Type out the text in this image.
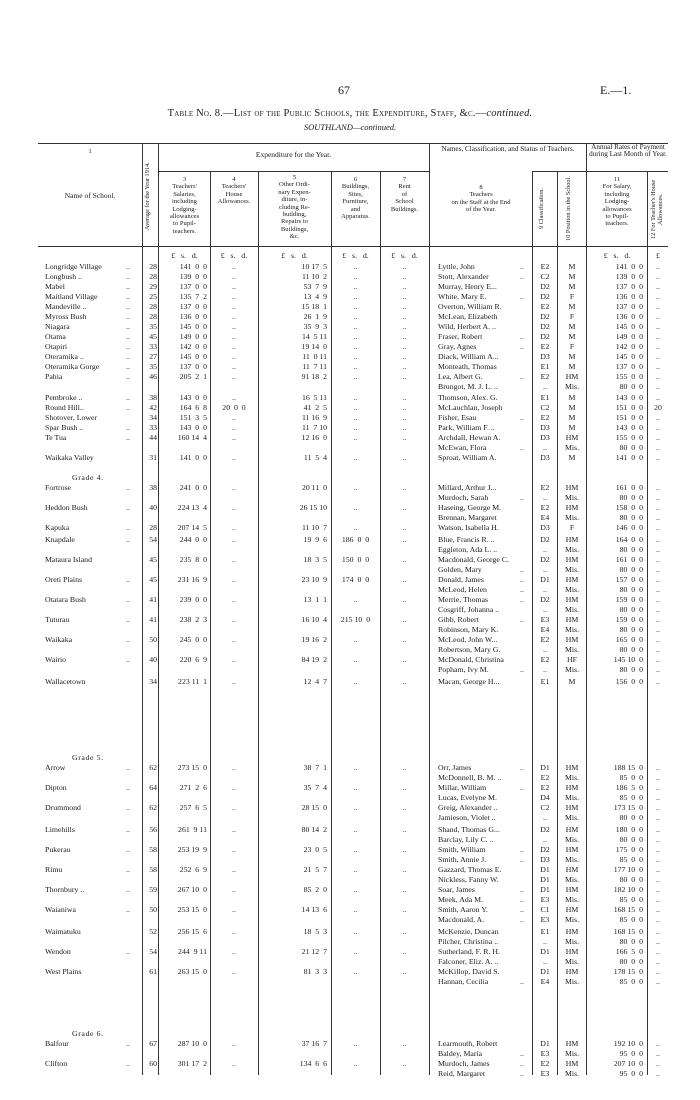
67	E.—1.
Table No. 8.—List of the Public Schools, the Expenditure, Staff, &c.—continued.
SOUTHLAND—continued.
1
Name of School.	Average for the Year 1914.
Expenditure for the Year.
3
Teachers'
Salaries,
including
Lodging-
allowances
to Pupil-
teachers.
4
Teachers'
House
Allowances.
5
Other Ordi-
nary Expen-
diture, in-
cluding Re-
building,
Repairs to
Buildings,
&c.
6
Buildings,
Sites,
Furniture,
and
Apparatus.
7
Rent
of
School
Buildings.
Names, Classification, and Status of Teachers.
8
Teachers
on the Staff at the End
of the Year.	9 Classification.	10 Position in the School.
Annual Rates of Payment during Last Month of Year.
11
For Salary,
including
Lodging-
allowances
to Pupil-
teachers.	12 For Teacher's House Allowances.
£   s.   d.	£   s.   d.	£   s.   d.	£   s.   d.	£   s.   d.	£   s.   d.	£
Grade 4.
Grade 5.
Grade 6.
Longridge Village	..	28	141  0  0	..	10 17  5	..	..	Lyttle, John	..	E2	M	141  0  0	..
Longbush ..	..	28	139  0  0	..	11 10  2	..	..	Stott, Alexander	..	C2	M	139  0  0	..
Mabel	..	29	137  0  0	..	53  7  9	..	..	Murray, Henry E...	D2	M	137  0  0	..
Maitland Village	..	25	135  7  2	..	13  4  9	..	..	White, Mary E.	..	D2	F	136  0  0	..
Mandeville ..	..	28	137  0  0	..	15 18  1	..	..	Overton, William R.	E2	M	137  0  0	..
Myross Bush	..	28	136  0  0	..	26  1  9	..	..	McLean, Elizabeth	D2	F	136  0  0	..
Niagara	..	35	145  0  0	..	35  9  3	..	..	Wild, Herbert A. ..	D2	M	145  0  0	..
Otama	..	45	149  0  0	..	14  5 11	..	..	Fraser, Robert	..	D2	M	149  0  0	..
Otapiri	..	33	142  0  0	..	19 14  0	..	..	Gray, Agnes	..	E2	F	142  0  0	..
Oteramika ..	..	27	145  0  0	..	11  0 11	..	..	Diack, William A...	D3	M	145  0  0	..
Oteramika Gorge	..	35	137  0  0	..	11  7 11	..	..	Monteath, Thomas	E1	M	137  0  0	..
Pahia	..	46	205  2  1	..	91 18  2	..	..	Lea, Albert G.	..	E2	HM	155  0  0	..
Brungot, M. J. L. ..	..	Mis.	80  0  0	..
Pembroke ..	..	38	143  0  0	..	16  5 11	..	..	Thomson, Alex. G.	E1	M	143  0  0	..
Round Hill..	..	42	164  6  8	20  0  0	41  2  5	..	..	McLauchlan, Joseph	C2	M	151  0  0	20
Shotover, Lower	34	151  3  5	..	11 16  9	..	..	Fisher, Esau	..	E2	M	151  0  0	..
Spar Bush ..	..	33	143  0  0	..	11  7 10	..	..	Park, William F. ..	D3	M	143  0  0	..
Te Tua	..	44	160 14  4	..	12 16  0	..	..	Archdall, Hewan A.	D3	HM	155  0  0	..
McEwan, Flora	..	..	Mis.	80  0  0	..
Waikaka Valley	31	141  0  0	..	11  5  4	..	..	Sproat, William A.	D3	M	141  0  0	..
Fortrose	..	38	241  0  0	..	20 11  0	..	..	Millard, Arthur J...	E2	HM	161  0  0	..
Murdoch, Sarah	..	..	Mis.	80  0  0	..
Heddon Bush	..	40	224 13  4	..	26 15 10	..	..	Haseing, George M.	E2	HM	158  0  0	..
Brennan, Margaret	E4	Mis.	80  0  0	..
Kapuka	..	28	207 14  5	..	11 10  7	..	..	Watson, Isabella H.	D3	F	146  0  0	..
Knapdale	..	54	244  0  0	..	19  9  6	186  0  0	..	Blue, Francis R. ..	D2	HM	164  0  0	..
Eggleton, Ada L. ..	..	Mis.	80  0  0	..
Mataura Island	45	235  8  0	..	18  3  5	150  0  0	..	Macdonald, George C.	D2	HM	161  0  0	..
Golden, Mary	..	..	Mis.	80  0  0	..
Oreti Plains	..	45	231 16  9	..	23 10  9	174  0  0	..	Donald, James	..	D1	HM	157  0  0	..
McLeod, Helen	..	..	Mis.	80  0  0	..
Otatara Bush	..	41	239  0  0	..	13  1  1	..	..	Merrie, Thomas	..	D2	HM	159  0  0	..
Cosgriff, Johanna ..	..	Mis.	80  0  0	..
Tuturau	..	41	238  2  3	..	16 10  4	215 10  0	..	Gibb, Robert	..	E3	HM	159  0  0	..
Robinson, Mary K.	E4	Mis.	80  0  0	..
Waikaka	..	50	245  0  0	..	19 16  2	..	..	McLeod, John W...	E2	HM	165  0  0	..
Robertson, Mary G.	..	Mis.	80  0  0	..
Wairio	..	40	220  6  9	..	84 19  2	..	..	McDonald, Christina	E2	HF	145 10  0	..
Popham, Ivy M.	..	..	Mis.	80  0  0	..
Wallacetown	34	223 11  1	..	12  4  7	..	..	Macan, George H...	E1	M	156  0  0	..
Arrow	..	62	273 15  0	..	38  7  1	..	..	Orr, James	..	D1	HM	188 15  0	..
McDonnell, B. M. ..	E2	Mis.	85  0  0	..
Dipton	..	64	271  2  6	..	35  7  4	..	..	Millar, William	..	E2	HM	186  5  0	..
Lucas, Evelyne M.	D4	Mis.	85  0  0	..
Drummond	..	62	257  6  5	..	28 15  0	..	..	Greig, Alexander ..	C2	HM	173 15  0	..
Jamieson, Violet ..	..	Mis.	80  0  0	..
Limehills	..	56	261  9 11	..	80 14  2	..	..	Shand, Thomas G...	D2	HM	180  0  0	..
Barclay, Lily C. ..	..	Mis.	80  0  0	..
Pukerau	..	58	253 19  9	..	23  0  5	..	..	Smith, William	..	D2	HM	175  0  0	..
Smith, Annie J.	..	D3	Mis.	85  0  0	..
Rimu	..	58	252  6  9	..	21  5  7	..	..	Gazzard, Thomas E.	D1	HM	177 10  0	..
Nickless, Fanny W.	D1	Mis.	80  0  0	..
Thornbury ..	..	59	267 10  0	..	85  2  0	..	..	Soar, James	..	D1	HM	182 10  0	..
Meek, Ada M.	..	E3	Mis.	85  0  0	..
Waianiwa	..	50	253 15  0	..	14 13  6	..	..	Smith, Aaron Y.	..	C1	HM	168 15  0	..
Macdonald, A.	..	E3	Mis.	85  0  0	..
Waimatuku	52	256 15  6	..	18  5  3	..	..	McKenzie, Duncan	E1	HM	168 15  0	..
Pilcher, Christina ..	..	Mis.	80  0  0	..
Wendon	..	54	244  9 11	..	21 12  7	..	..	Sutherland, F. R. H.	D1	HM	166  5  0	..
Falconer, Eliz. A. ..	..	Mis.	80  0  0	..
West Plains	61	263 15  0	..	81  3  3	..	..	McKillop, David S.	D1	HM	178 15  0	..
Hannan, Cecilia	..	E4	Mis.	85  0  0	..
Balfour	..	67	287 10  0	..	37 16  7	..	..	Learmouth, Robert	D1	HM	192 10  0	..
Baldey, Maria	..	E3	Mis.	95  0  0	..
Clifton	..	60	301 17  2	..	134  6  6	..	..	Murdoch, James	..	E2	HM	207 10  0	..
Reid, Margaret	..	E3	Mis.	95  0  0	..
